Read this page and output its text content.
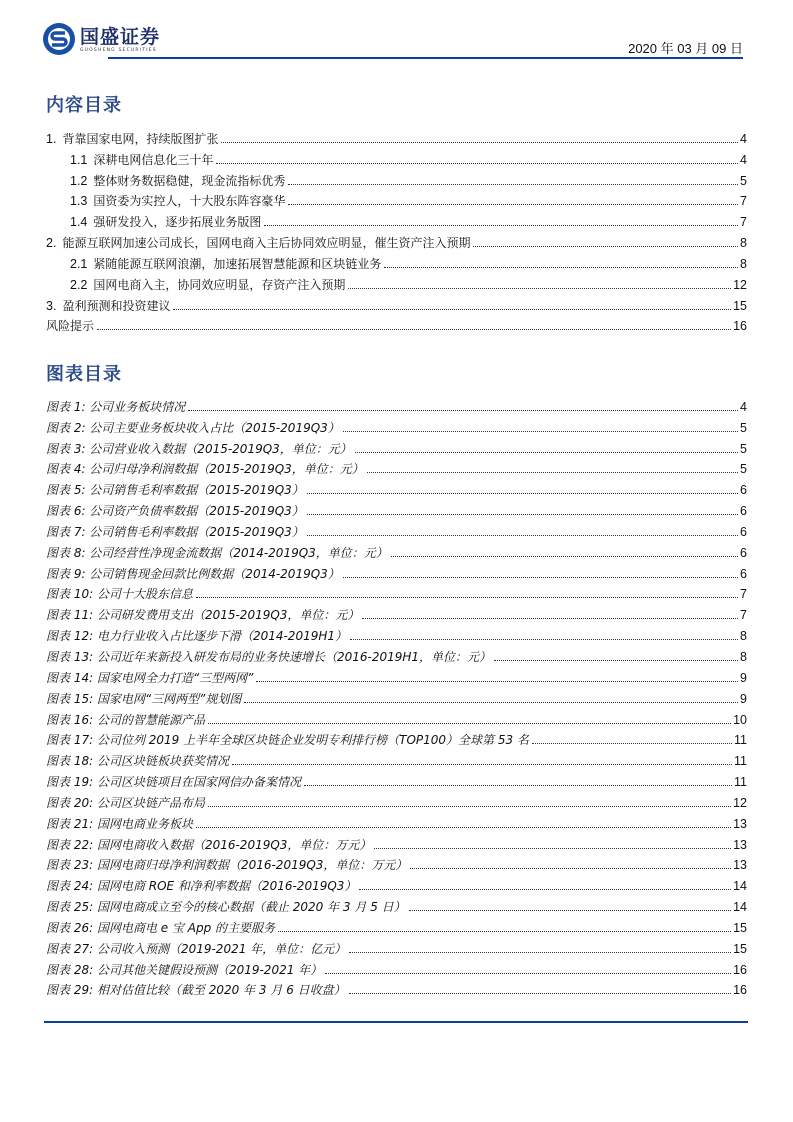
国盛证券
GUOSHENG SECURITIES	2020 年 03 月 09 日
内容目录
1. 背靠国家电网，持续版图扩张	4
1.1 深耕电网信息化三十年	4
1.2 整体财务数据稳健，现金流指标优秀	5
1.3 国资委为实控人，十大股东阵容豪华	7
1.4 强研发投入，逐步拓展业务版图	7
2. 能源互联网加速公司成长，国网电商入主后协同效应明显，催生资产注入预期	8
2.1 紧随能源互联网浪潮，加速拓展智慧能源和区块链业务	8
2.2 国网电商入主，协同效应明显，存资产注入预期	12
3. 盈利预测和投资建议	15
风险提示	16
图表目录
图表 1: 公司业务板块情况	4
图表 2: 公司主要业务板块收入占比（2015-2019Q3）	5
图表 3: 公司营业收入数据（2015-2019Q3，单位：元）	5
图表 4: 公司归母净利润数据（2015-2019Q3，单位：元）	5
图表 5: 公司销售毛利率数据（2015-2019Q3）	6
图表 6: 公司资产负债率数据（2015-2019Q3）	6
图表 7: 公司销售毛利率数据（2015-2019Q3）	6
图表 8: 公司经营性净现金流数据（2014-2019Q3，单位：元）	6
图表 9: 公司销售现金回款比例数据（2014-2019Q3）	6
图表 10: 公司十大股东信息	7
图表 11: 公司研发费用支出（2015-2019Q3，单位：元）	7
图表 12: 电力行业收入占比逐步下滑（2014-2019H1）	8
图表 13: 公司近年来新投入研发布局的业务快速增长（2016-2019H1，单位：元）	8
图表 14: 国家电网全力打造“三型两网”	9
图表 15: 国家电网“三网两型”规划图	9
图表 16: 公司的智慧能源产品	10
图表 17: 公司位列 2019 上半年全球区块链企业发明专利排行榜（TOP100）全球第 53 名	11
图表 18: 公司区块链板块获奖情况	11
图表 19: 公司区块链项目在国家网信办备案情况	11
图表 20: 公司区块链产品布局	12
图表 21: 国网电商业务板块	13
图表 22: 国网电商收入数据（2016-2019Q3，单位：万元）	13
图表 23: 国网电商归母净利润数据（2016-2019Q3，单位：万元）	13
图表 24: 国网电商 ROE 和净利率数据（2016-2019Q3）	14
图表 25: 国网电商成立至今的核心数据（截止 2020 年 3 月 5 日）	14
图表 26: 国网电商电 e 宝 App 的主要服务	15
图表 27: 公司收入预测（2019-2021 年，单位：亿元）	15
图表 28: 公司其他关键假设预测（2019-2021 年）	16
图表 29: 相对估值比较（截至 2020 年 3 月 6 日收盘）	16
